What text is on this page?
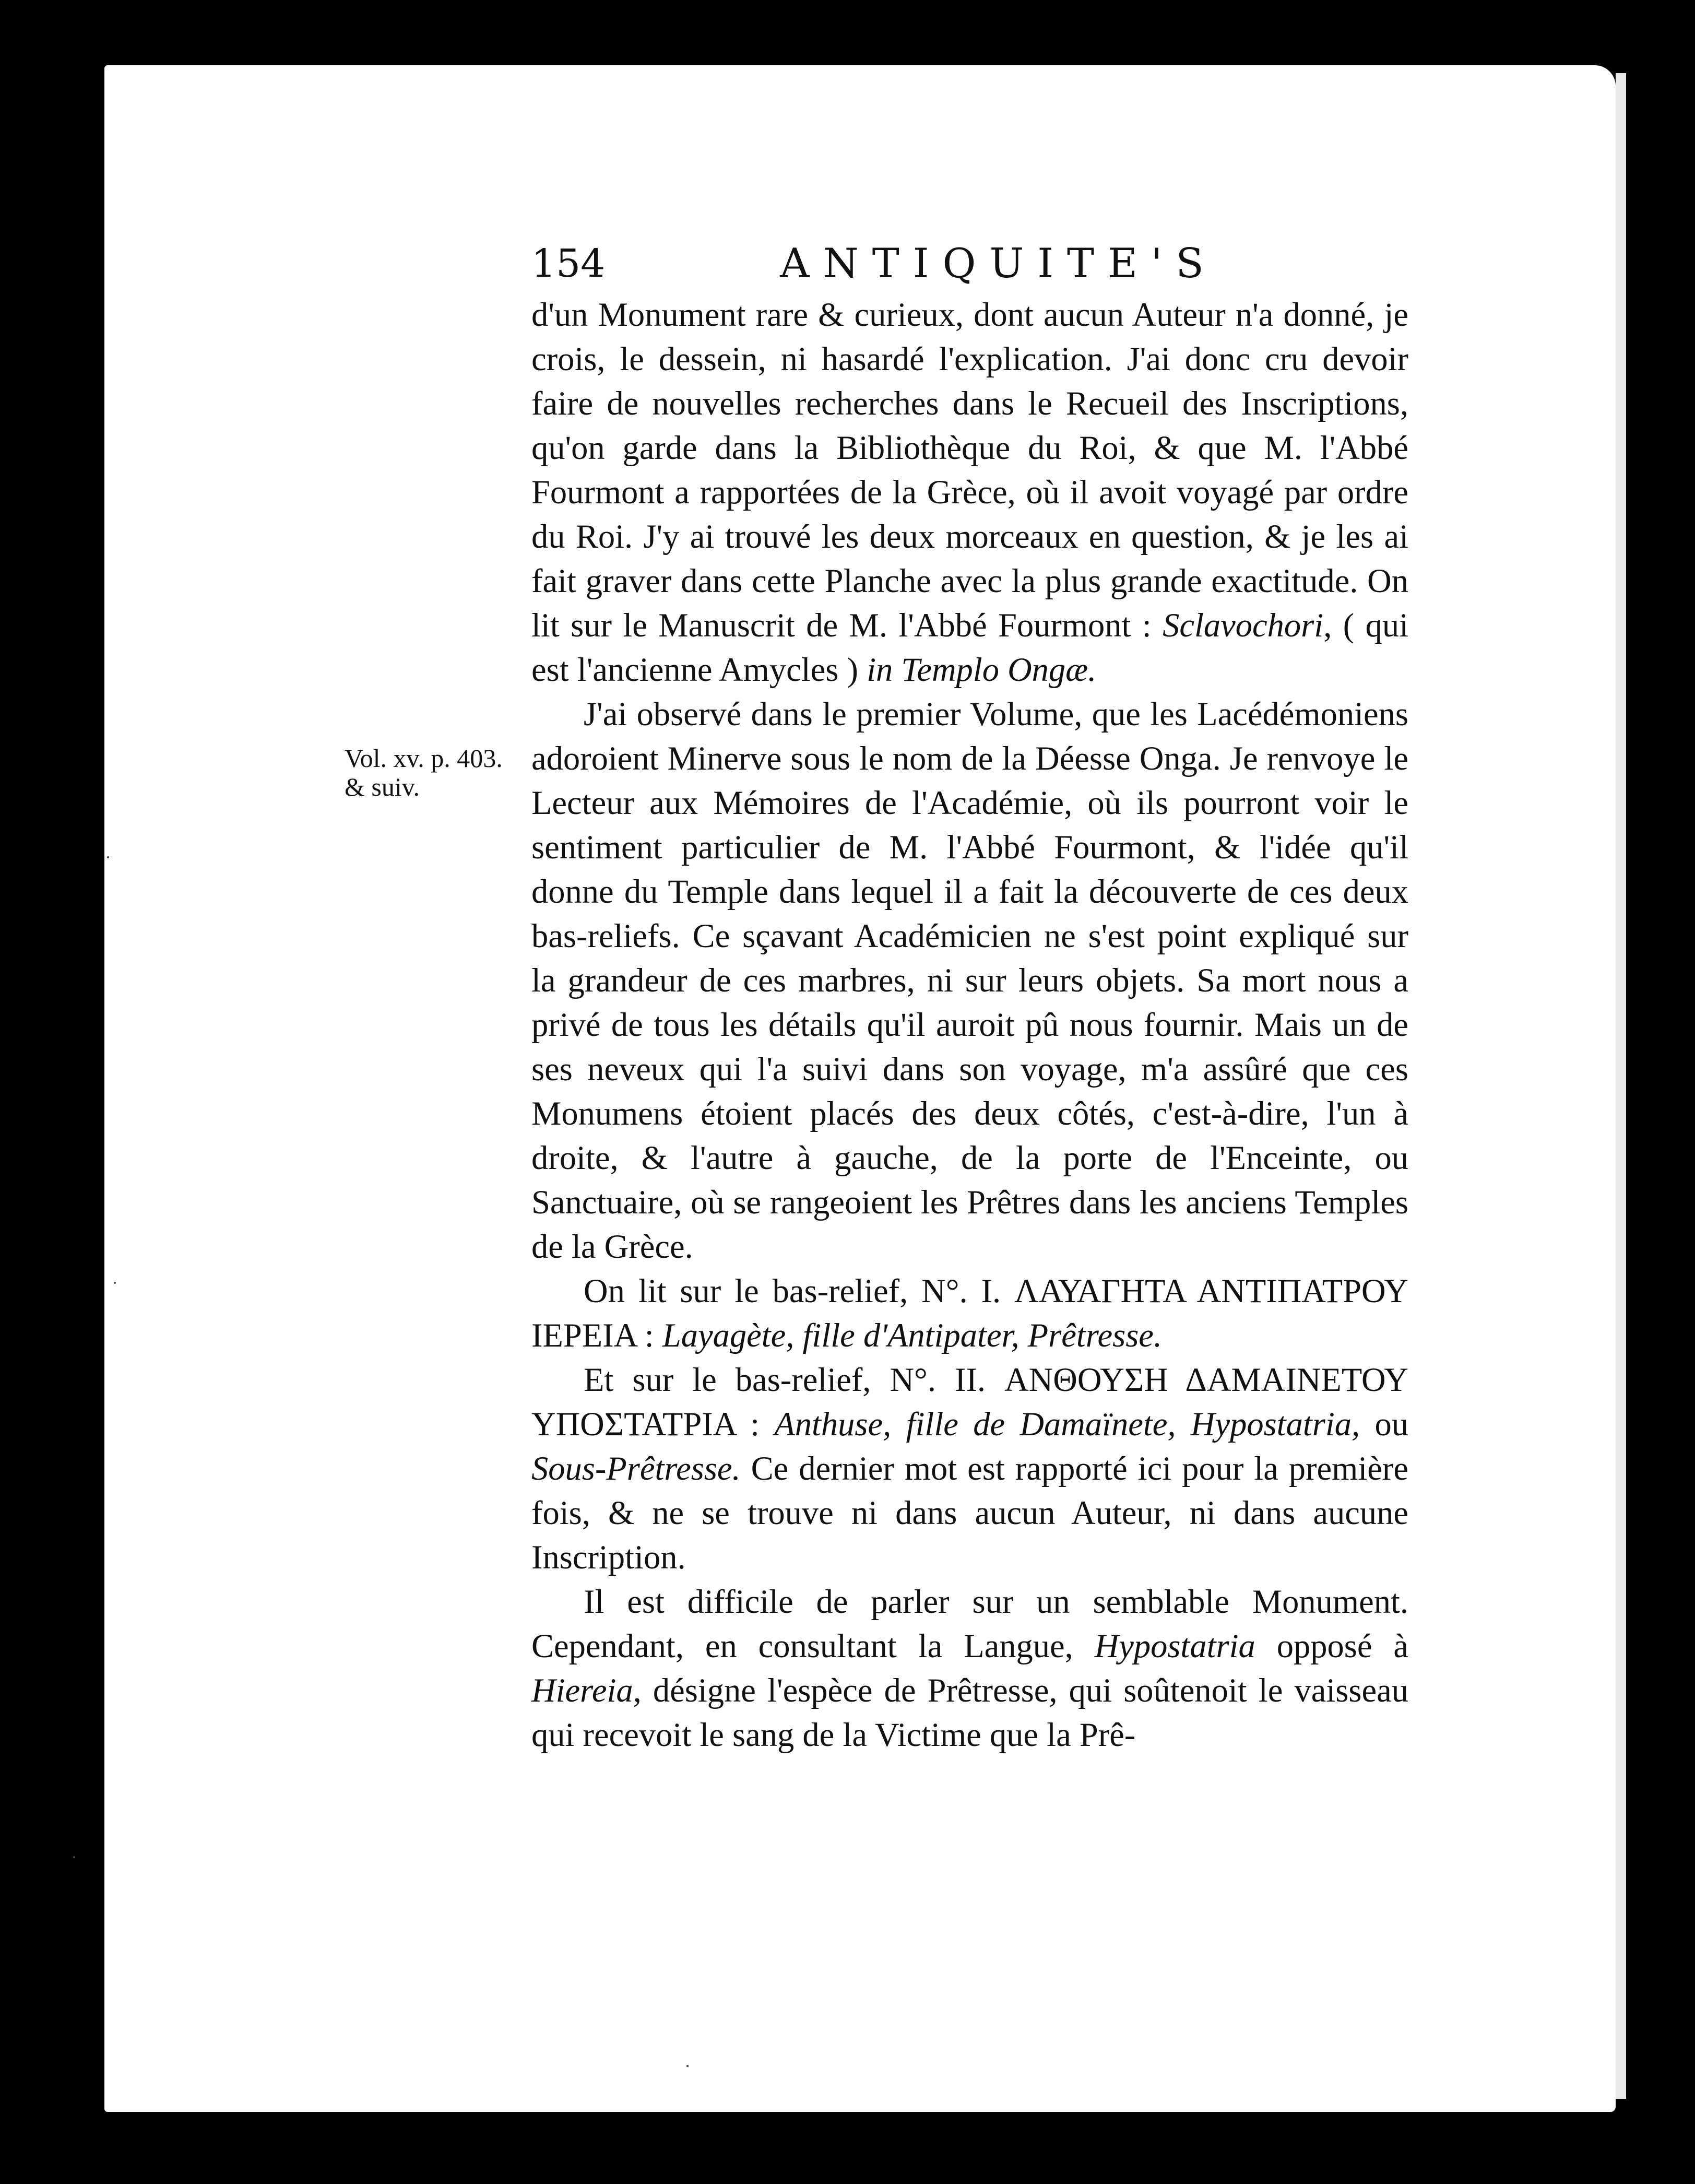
154	ANTIQUITE'S
Vol. xv. p. 403.
& suiv.

d'un Monument rare & curieux, dont aucun Auteur n'a donné, je crois, le dessein, ni hasardé l'explication. J'ai donc cru devoir faire de nouvelles recherches dans le Recueil des Inscriptions, qu'on garde dans la Bibliothèque du Roi, & que M. l'Abbé Fourmont a rapportées de la Grèce, où il avoit voyagé par ordre du Roi. J'y ai trouvé les deux morceaux en question, & je les ai fait graver dans cette Planche avec la plus grande exactitude. On lit sur le Manuscrit de M. l'Abbé Fourmont : Sclavochori, ( qui est l'ancienne Amycles ) in Templo Ongæ.

J'ai observé dans le premier Volume, que les Lacédémoniens adoroient Minerve sous le nom de la Déesse Onga. Je renvoye le Lecteur aux Mémoires de l'Académie, où ils pourront voir le sentiment particulier de M. l'Abbé Fourmont, & l'idée qu'il donne du Temple dans lequel il a fait la découverte de ces deux bas-reliefs. Ce sçavant Académicien ne s'est point expliqué sur la grandeur de ces marbres, ni sur leurs objets. Sa mort nous a privé de tous les détails qu'il auroit pû nous fournir. Mais un de ses neveux qui l'a suivi dans son voyage, m'a assûré que ces Monumens étoient placés des deux côtés, c'est-à-dire, l'un à droite, & l'autre à gauche, de la porte de l'Enceinte, ou Sanctuaire, où se rangeoient les Prêtres dans les anciens Temples de la Grèce.

On lit sur le bas-relief, N°. I. ΛΑΥΑΓΗΤΑ ΑΝΤΙΠΑΤΡΟΥ ΙΕΡΕΙΑ : Layagète, fille d'Antipater, Prêtresse.

Et sur le bas-relief, N°. II. ΑΝΘΟΥΣΗ ΔΑΜΑΙΝΕΤΟΥ ΥΠΟΣΤΑΤΡΙΑ : Anthuse, fille de Damaïnete, Hypostatria, ou Sous-Prêtresse. Ce dernier mot est rapporté ici pour la première fois, & ne se trouve ni dans aucun Auteur, ni dans aucune Inscription.

Il est difficile de parler sur un semblable Monument. Cependant, en consultant la Langue, Hypostatria opposé à Hiereia, désigne l'espèce de Prêtresse, qui soûtenoit le vaisseau qui recevoit le sang de la Victime que la Prê-
